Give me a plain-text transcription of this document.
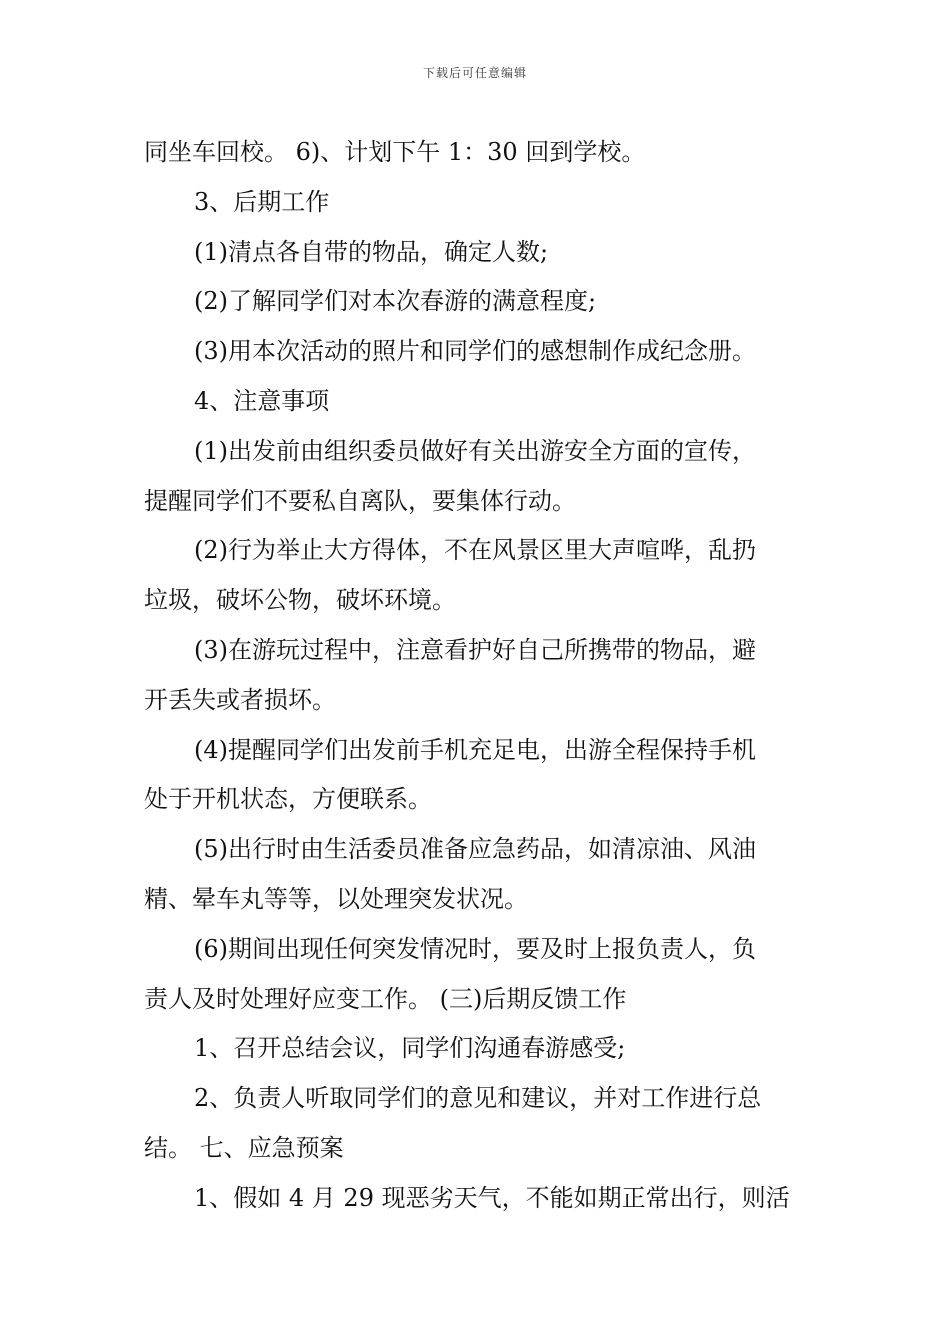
下载后可任意编辑
同坐车回校。 6)、计划下午 1：30 回到学校。
3、后期工作
(1)清点各自带的物品，确定人数;
(2)了解同学们对本次春游的满意程度;
(3)用本次活动的照片和同学们的感想制作成纪念册。
4、注意事项
(1)出发前由组织委员做好有关出游安全方面的宣传，
提醒同学们不要私自离队，要集体行动。
(2)行为举止大方得体，不在风景区里大声喧哗，乱扔
垃圾，破坏公物，破坏环境。
(3)在游玩过程中，注意看护好自己所携带的物品，避
开丢失或者损坏。
(4)提醒同学们出发前手机充足电，出游全程保持手机
处于开机状态，方便联系。
(5)出行时由生活委员准备应急药品，如清凉油、风油
精、晕车丸等等，以处理突发状况。
(6)期间出现任何突发情况时，要及时上报负责人，负
责人及时处理好应变工作。 (三)后期反馈工作
1、召开总结会议，同学们沟通春游感受;
2、负责人听取同学们的意见和建议，并对工作进行总
结。 七、应急预案
1、假如 4 月 29 现恶劣天气，不能如期正常出行，则活
